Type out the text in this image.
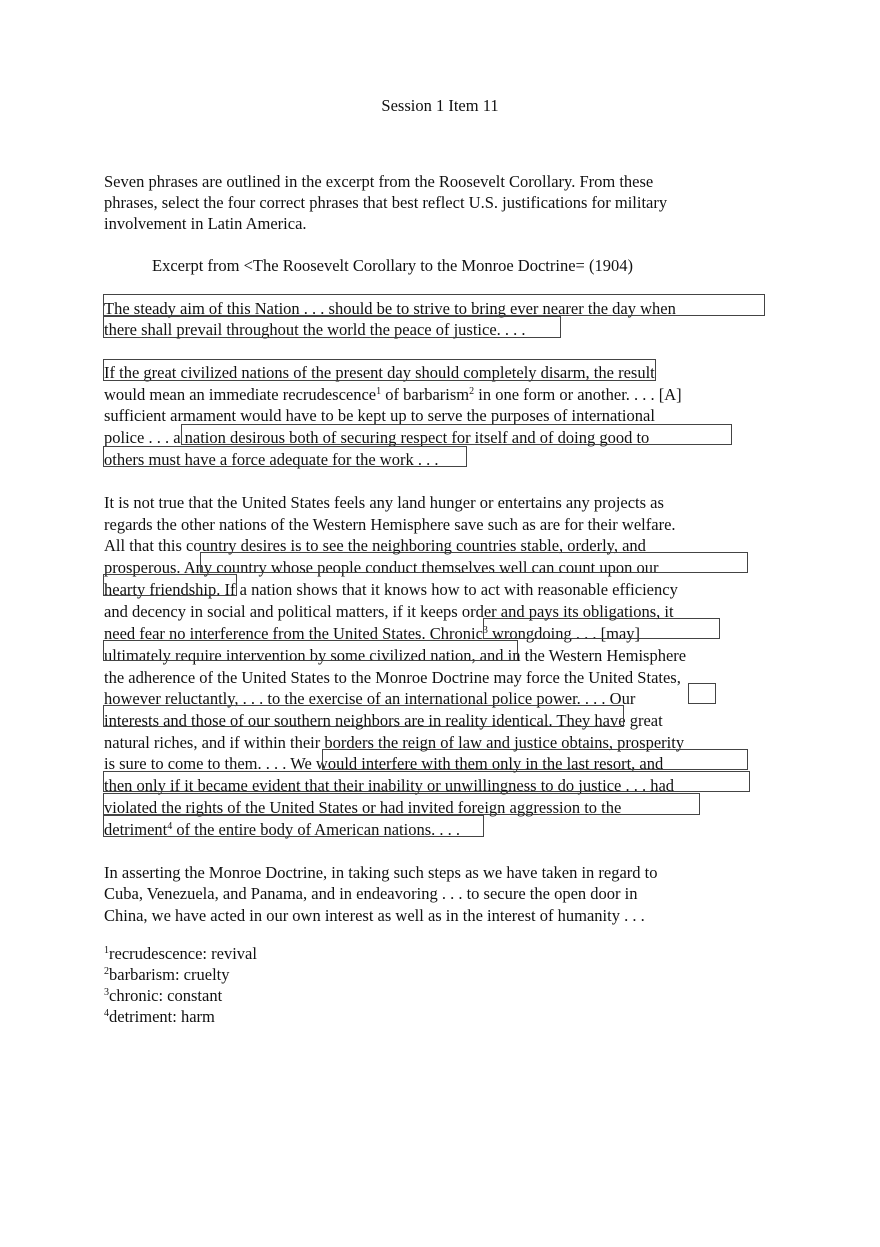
Session 1 Item 11
Seven phrases are outlined in the excerpt from the Roosevelt Corollary. From these
phrases, select the four correct phrases that best reflect U.S. justifications for military
involvement in Latin America.
Excerpt from <The Roosevelt Corollary to the Monroe Doctrine= (1904)
The steady aim of this Nation . . . should be to strive to bring ever nearer the day when
there shall prevail throughout the world the peace of justice. . . .
If the great civilized nations of the present day should completely disarm, the result
would mean an immediate recrudescence$^1$ of barbarism$^2$ in one form or another. . . . [A]
sufficient armament would have to be kept up to serve the purposes of international
police . . . a nation desirous both of securing respect for itself and of doing good to
others must have a force adequate for the work . . .
It is not true that the United States feels any land hunger or entertains any projects as
regards the other nations of the Western Hemisphere save such as are for their welfare.
All that this country desires is to see the neighboring countries stable, orderly, and
prosperous. Any country whose people conduct themselves well can count upon our
hearty friendship. If a nation shows that it knows how to act with reasonable efficiency
and decency in social and political matters, if it keeps order and pays its obligations, it
need fear no interference from the United States. Chronic$^3$ wrongdoing . . . [may]
ultimately require intervention by some civilized nation, and in the Western Hemisphere
the adherence of the United States to the Monroe Doctrine may force the United States,
however reluctantly, . . . to the exercise of an international police power. . . . Our
interests and those of our southern neighbors are in reality identical. They have great
natural riches, and if within their borders the reign of law and justice obtains, prosperity
is sure to come to them. . . . We would interfere with them only in the last resort, and
then only if it became evident that their inability or unwillingness to do justice . . . had
violated the rights of the United States or had invited foreign aggression to the
detriment$^4$ of the entire body of American nations. . . .
In asserting the Monroe Doctrine, in taking such steps as we have taken in regard to
Cuba, Venezuela, and Panama, and in endeavoring . . . to secure the open door in
China, we have acted in our own interest as well as in the interest of humanity . . .
$^1$recrudescence: revival
$^2$barbarism: cruelty
$^3$chronic: constant
$^4$detriment: harm
